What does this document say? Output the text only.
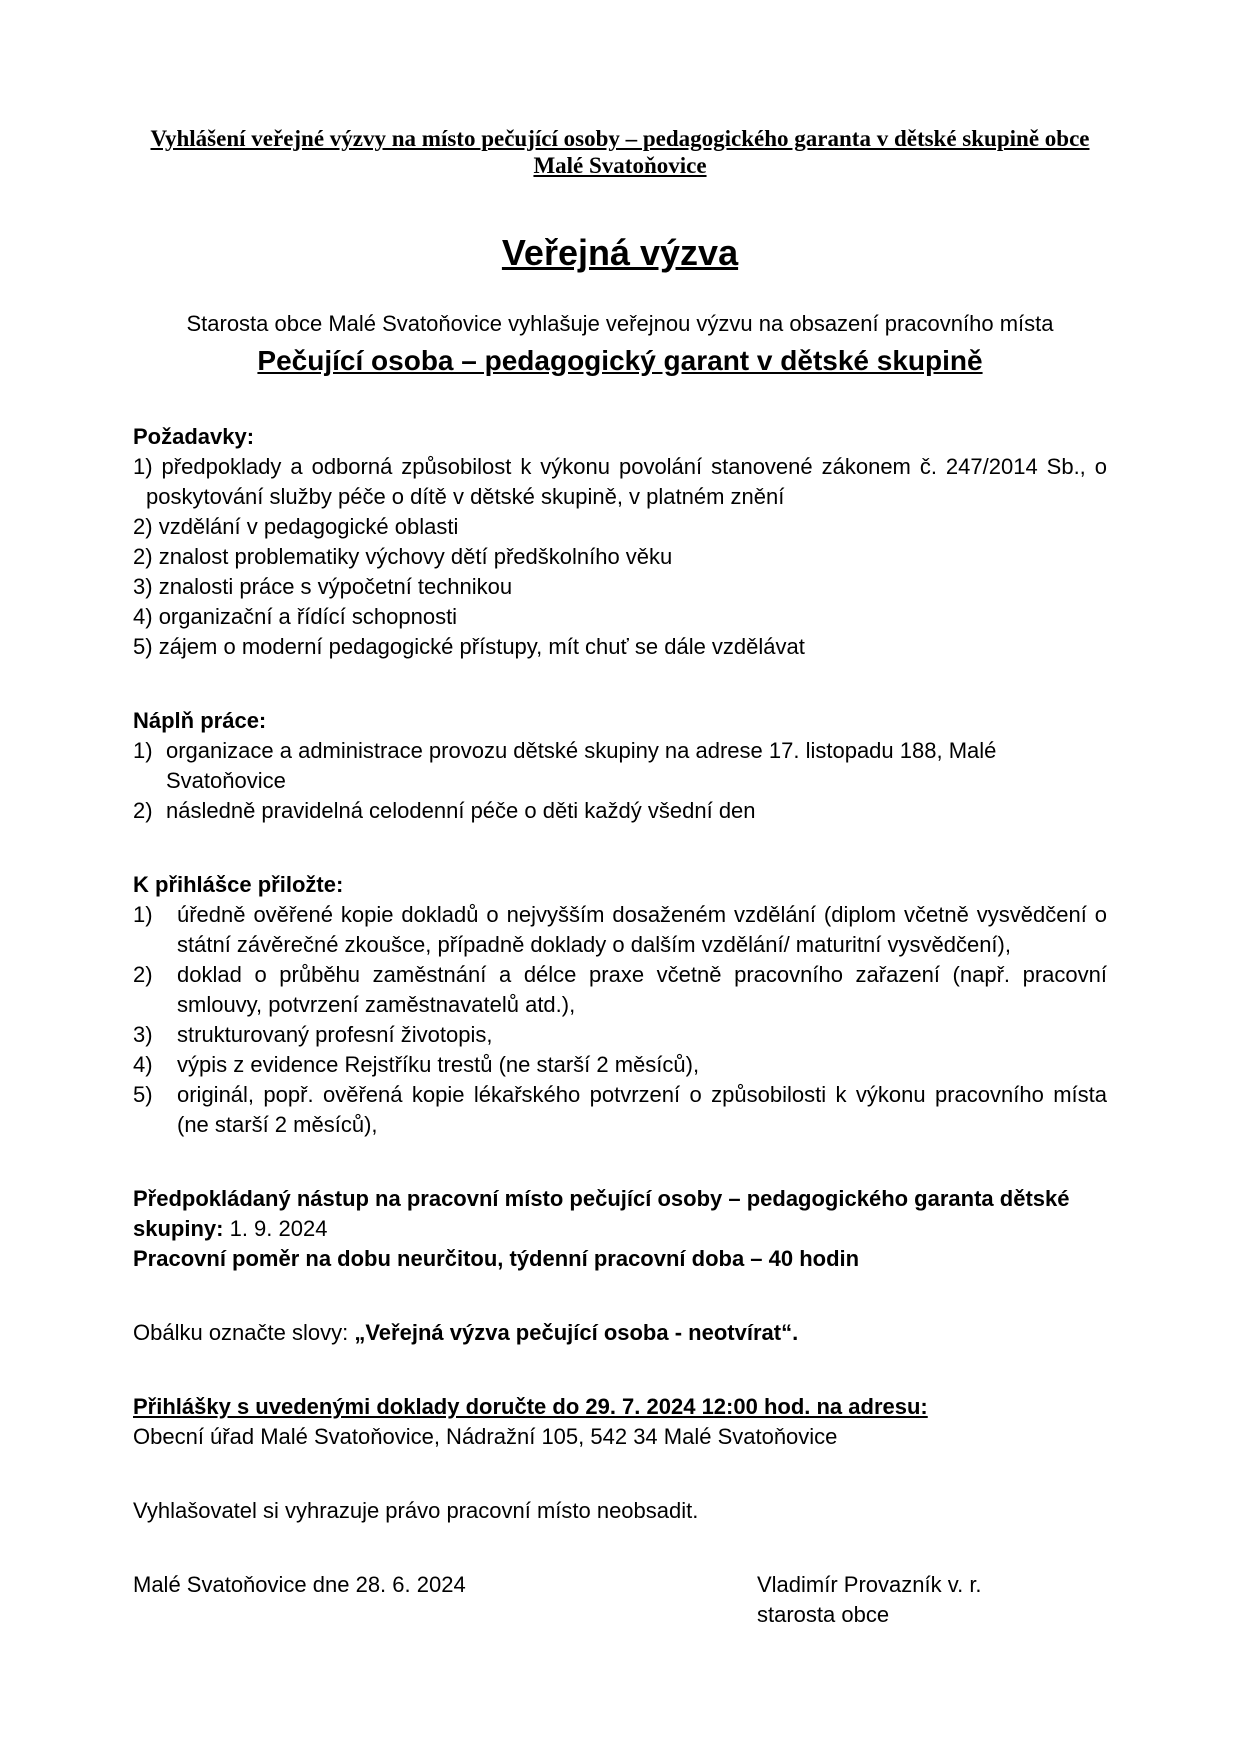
Vyhlášení veřejné výzvy na místo pečující osoby – pedagogického garanta v dětské skupině obce Malé Svatoňovice
Veřejná výzva
Starosta obce Malé Svatoňovice vyhlašuje veřejnou výzvu na obsazení pracovního místa
Pečující osoba – pedagogický garant v dětské skupině
Požadavky:
1) předpoklady a odborná způsobilost k výkonu povolání stanovené zákonem č. 247/2014 Sb., o poskytování služby péče o dítě v dětské skupině, v platném znění
2) vzdělání v pedagogické oblasti
2) znalost problematiky výchovy dětí předškolního věku
3) znalosti práce s výpočetní technikou
4) organizační a řídící schopnosti
5) zájem o moderní pedagogické přístupy, mít chuť se dále vzdělávat
Náplň práce:
1) organizace a administrace provozu dětské skupiny na adrese 17. listopadu 188, Malé Svatoňovice
2) následně pravidelná celodenní péče o děti každý všední den
K přihlášce přiložte:
1)	úředně ověřené kopie dokladů o nejvyšším dosaženém vzdělání (diplom včetně vysvědčení o státní závěrečné zkoušce, případně doklady o dalším vzdělání/ maturitní vysvědčení),
2)	doklad o průběhu zaměstnání a délce praxe včetně pracovního zařazení (např. pracovní smlouvy, potvrzení zaměstnavatelů atd.),
3)	strukturovaný profesní životopis,
4)	výpis z evidence Rejstříku trestů (ne starší 2 měsíců),
5)	originál, popř. ověřená kopie lékařského potvrzení o způsobilosti k výkonu pracovního místa (ne starší 2 měsíců),
Předpokládaný nástup na pracovní místo pečující osoby – pedagogického garanta dětské skupiny: 1. 9. 2024
Pracovní poměr na dobu neurčitou, týdenní pracovní doba – 40 hodin
Obálku označte slovy: „Veřejná výzva pečující osoba - neotvírat“.
Přihlášky s uvedenými doklady doručte do 29. 7. 2024 12:00 hod. na adresu:
Obecní úřad Malé Svatoňovice, Nádražní 105, 542 34 Malé Svatoňovice
Vyhlašovatel si vyhrazuje právo pracovní místo neobsadit.
Malé Svatoňovice dne 28. 6. 2024	Vladimír Provazník v. r.
starosta obce
